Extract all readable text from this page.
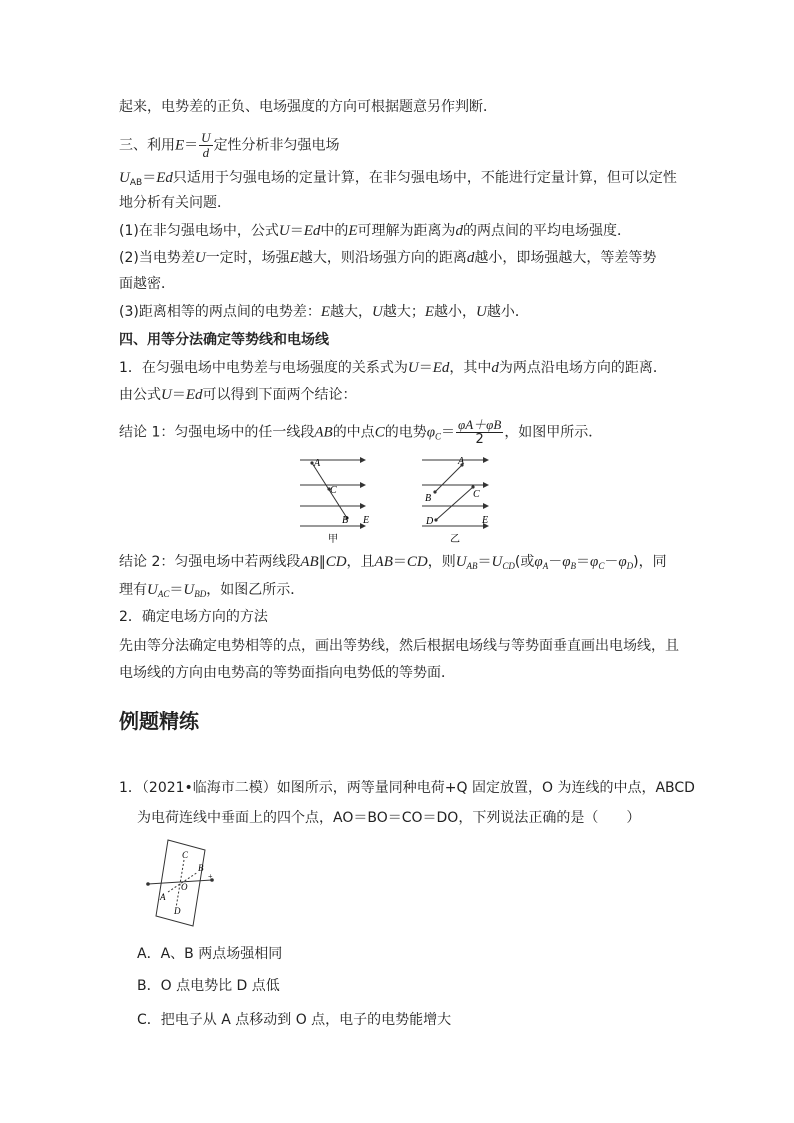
起来，电势差的正负、电场强度的方向可根据题意另作判断．
三、利用$E= \frac{U}{d}$ 定性分析非匀强电场
$U_{AB}=Ed$只适用于匀强电场的定量计算，在非匀强电场中，不能进行定量计算，但可以定性
地分析有关问题．
(1)在非匀强电场中，公式U＝Ed中的E可理解为距离为d的两点间的平均电场强度．
(2)当电势差U一定时，场强E越大，则沿场强方向的距离d越小，即场强越大，等差等势
面越密．
(3)距离相等的两点间的电势差：E越大，U越大；E越小，U越小．
四、用等分法确定等势线和电场线
1．在匀强电场中电势差与电场强度的关系式为U＝Ed，其中d为两点沿电场方向的距离．
由公式U＝Ed可以得到下面两个结论：
结论 1：匀强电场中的任一线段AB的中点C的电势$\varphi_C= \frac{\varphi A+\varphi B}{2}$ ，如图甲所示．
A
C
B E
甲
A
B	C
D	E
乙
结论 2：匀强电场中若两线段AB∥CD，且AB＝CD，则$U_{AB}=U_{CD}$(或$\varphi_A-\varphi_B=\varphi_C-\varphi_D$)，同
理有$U_{AC}=U_{BD}$，如图乙所示．
2．确定电场方向的方法
先由等分法确定电势相等的点，画出等势线，然后根据电场线与等势面垂直画出电场线，且
电场线的方向由电势高的等势面指向电势低的等势面．
例题精练
1．（2021•临海市二模）如图所示，两等量同种电荷+Q 固定放置，O 为连线的中点，ABCD
为电荷连线中垂面上的四个点，AO＝BO＝CO＝DO，下列说法正确的是（　　）
+
C
B
O
A
D
A．A、B 两点场强相同
B．O 点电势比 D 点低
C．把电子从 A 点移动到 O 点，电子的电势能增大
